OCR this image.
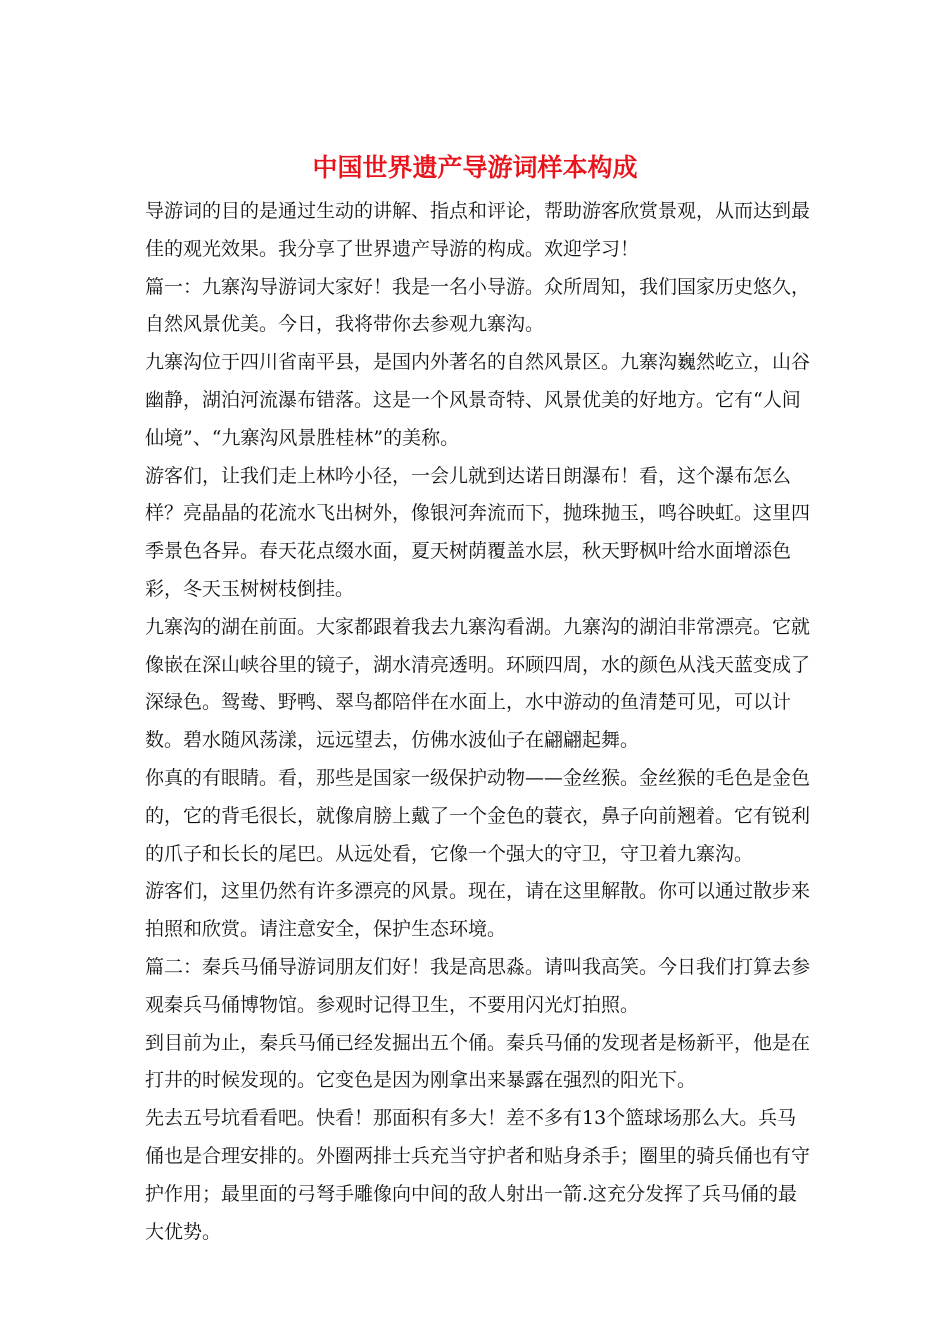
中国世界遗产导游词样本构成

导游词的目的是通过生动的讲解、指点和评论，帮助游客欣赏景观，从而达到最佳的观光效果。我分享了世界遗产导游的构成。欢迎学习！

篇一：九寨沟导游词大家好！我是一名小导游。众所周知，我们国家历史悠久，自然风景优美。今日，我将带你去参观九寨沟。

九寨沟位于四川省南平县，是国内外著名的自然风景区。九寨沟巍然屹立，山谷幽静，湖泊河流瀑布错落。这是一个风景奇特、风景优美的好地方。它有“人间仙境”、“九寨沟风景胜桂林”的美称。

游客们，让我们走上林吟小径，一会儿就到达诺日朗瀑布！看，这个瀑布怎么样？亮晶晶的花流水飞出树外，像银河奔流而下，抛珠抛玉，鸣谷映虹。这里四季景色各异。春天花点缀水面，夏天树荫覆盖水层，秋天野枫叶给水面增添色彩，冬天玉树树枝倒挂。

九寨沟的湖在前面。大家都跟着我去九寨沟看湖。九寨沟的湖泊非常漂亮。它就像嵌在深山峡谷里的镜子，湖水清亮透明。环顾四周，水的颜色从浅天蓝变成了深绿色。鸳鸯、野鸭、翠鸟都陪伴在水面上，水中游动的鱼清楚可见，可以计数。碧水随风荡漾，远远望去，仿佛水波仙子在翩翩起舞。

你真的有眼睛。看，那些是国家一级保护动物——金丝猴。金丝猴的毛色是金色的，它的背毛很长，就像肩膀上戴了一个金色的蓑衣，鼻子向前翘着。它有锐利的爪子和长长的尾巴。从远处看，它像一个强大的守卫，守卫着九寨沟。

游客们，这里仍然有许多漂亮的风景。现在，请在这里解散。你可以通过散步来拍照和欣赏。请注意安全，保护生态环境。

篇二：秦兵马俑导游词朋友们好！我是高思淼。请叫我高笑。今日我们打算去参观秦兵马俑博物馆。参观时记得卫生，不要用闪光灯拍照。

到目前为止，秦兵马俑已经发掘出五个俑。秦兵马俑的发现者是杨新平，他是在打井的时候发现的。它变色是因为刚拿出来暴露在强烈的阳光下。

先去五号坑看看吧。快看！那面积有多大！差不多有13个篮球场那么大。兵马俑也是合理安排的。外圈两排士兵充当守护者和贴身杀手；圈里的骑兵俑也有守护作用；最里面的弓弩手雕像向中间的敌人射出一箭.这充分发挥了兵马俑的最大优势。
